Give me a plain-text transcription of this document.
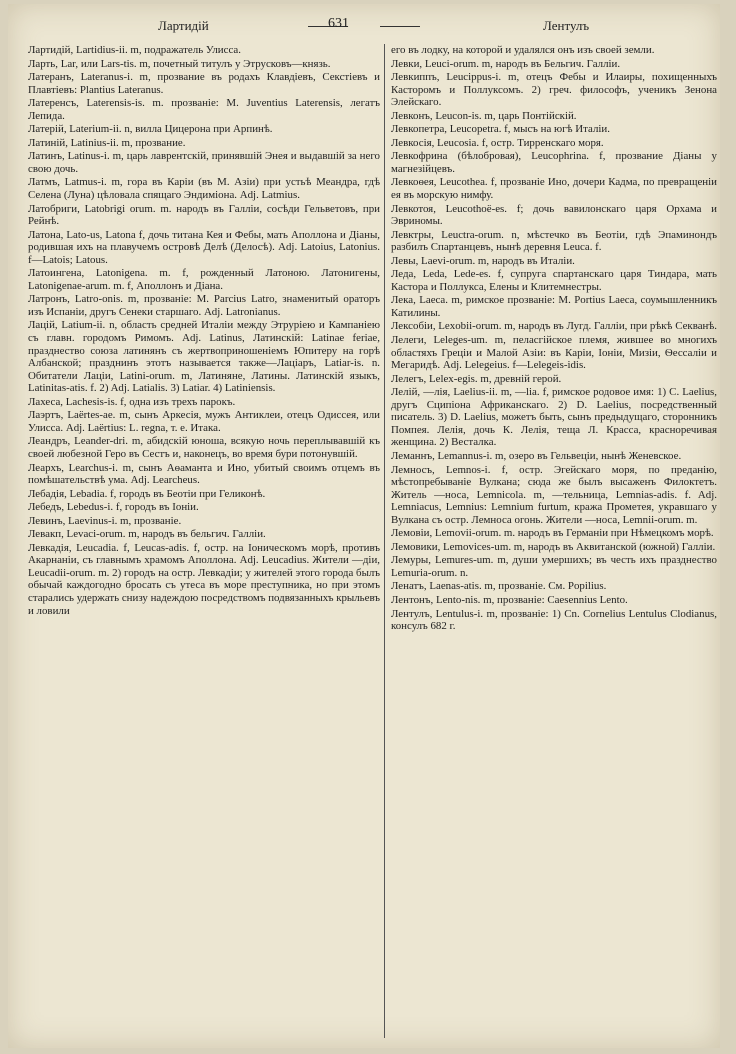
Лартидій	631	Лентулъ

Лартидій, Lartidius-ii. m, подражатель Улисса.

Ларть, Lar, или Lars-tis. m, почетный титулъ у Этрусковъ—князь.

Латеранъ, Lateranus-i. m, прозвание въ родахъ Клавдіевъ, Секстіевъ и Плавтіевъ: Plantius Lateranus.

Латеренсъ, Laterensis-is. m. прозваніе: M. Juventius Laterensis, легатъ Лепида.

Латерій, Laterium-ii. n, вилла Цицерона при Арпинѣ.

Латиній, Latinius-ii. m, прозвание.

Латинъ, Latinus-i. m, царь лаврентскій, принявшій Энея и выдавшій за него свою дочь.

Латмъ, Latmus-i. m, гора въ Каріи (въ М. Азіи) при устьѣ Меандра, гдѣ Селена (Луна) цѣловала спящаго Эндиміона. Adj. Latmius.

Латобриги, Latobrigi orum. m. народъ въ Галліи, сосѣди Гельветовъ, при Рейнѣ.

Латона, Lato-us, Latona f, дочь титана Кея и Фебы, мать Аполлона и Діаны, родившая ихъ на плавучемъ островѣ Делѣ (Делосѣ). Adj. Latoius, Latonius. f—Latois; Latous.

Латоингена, Latonigena. m. f, рожденный Латоною. Латонигены, Latonigenae-arum. m. f, Аполлонъ и Діана.

Латронъ, Latro-onis. m, прозваніе: M. Parcius Latro, знаменитый ораторъ изъ Испаніи, другъ Сенеки старшаго. Adj. Latronianus.

Лацій, Latium-ii. n, область средней Италіи между Этруріею и Кампаніею съ главн. городомъ Римомъ. Adj. Latinus, Латинскій: Latinae feriae, празднество союза латинянъ съ жертвоприношеніемъ Юпитеру на горѣ Албанской; празднинъ этотъ называется также—Лацiаръ, Latiar-is. n. Обитатели Лацiи, Latini-orum. m, Латиняне, Латины. Латинскій языкъ, Latinitas-atis. f. 2) Adj. Latialis. 3) Latiar. 4) Latiniensis.

Лахеса, Lachesis-is. f, одна изъ трехъ парокъ.

Лаэртъ, Laërtes-ae. m, сынъ Аркесія, мужъ Антиклеи, отецъ Одиссея, или Улисса. Adj. Laërtius: L. regna, т. е. Итака.

Леандръ, Leander-dri. m, абидскій юноша, всякую ночь переплывавшій къ своей любезной Геро въ Сестъ и, наконецъ, во время бури потонувшій.

Леархъ, Learchus-i. m, сынъ Аѳаманта и Ино, убитый своимъ отцемъ въ помѣшательствѣ ума. Adj. Learcheus.

Лебадія, Lebadia. f, городъ въ Беотіи при Геликонѣ.

Лебедъ, Lebedus-i. f, городъ въ Іоніи.

Левинъ, Laevinus-i. m, прозваніе.

Левакп, Levaci-orum. m, народъ въ бельгич. Галліи.

Левкадія, Leucadia. f, Leucas-adis. f, остр. на Іоническомъ морѣ, противъ Акарнаніи, съ главнымъ храмомъ Аполлона. Adj. Leucadius. Жители —діи, Leucadii-orum. m. 2) городъ на остр. Левкадіи; у жителей этого города былъ обычай каждогодно бросать съ утеса въ море преступника, но при этомъ старались удержать снизу надеждою посредствомъ подвязанныхъ крыльевъ и ловили

его въ лодку, на которой и удалялся онъ изъ своей земли.

Левки, Leuci-orum. m, народъ въ Бельгич. Галліи.

Левкиппъ, Leucippus-i. m, отецъ Фебы и Илаиры, похищенныхъ Касторомъ и Поллуксомъ. 2) греч. философъ, ученикъ Зенона Элейскаго.

Левконъ, Leucon-is. m, царь Понтійскій.

Левкопетра, Leucopetra. f, мысъ на югѣ Италіи.

Левкосія, Leucosia. f, остр. Тирренскаго моря.

Левкофрина (бѣлобровая), Leucophrina. f, прозвание Діаны у магнезійцевъ.

Левкоѳея, Leucothea. f, прозваніе Ино, дочери Кадма, по превращеніи ея въ морскую нимфу.

Левкотоя, Leucothoë-es. f; дочь вавилонскаго царя Орхама и Эвриномы.

Левктры, Leuctra-orum. n, мѣстечко въ Беотіи, гдѣ Эпаминондъ разбилъ Спартанцевъ, нынѣ деревня Leuca. f.

Левы, Laevi-orum. m, народъ въ Италіи.

Леда, Leda, Lede-es. f, супруга спартанскаго царя Тиндара, мать Кастора и Поллукса, Елены и Клитемнестры.

Лека, Laeca. m, римское прозваніе: M. Portius Laeca, соумышленникъ Катилины.

Лексобіи, Lexobii-orum. m, народъ въ Лугд. Галліи, при рѣкѣ Секванѣ.

Лелеги, Leleges-um. m, пеласгійское племя, жившее во многихъ областяхъ Греціи и Малой Азіи: въ Каріи, Іоніи, Мизіи, Ѳессаліи и Мегаридѣ. Adj. Lelegeius. f—Lelegeis-idis.

Лелегъ, Lelex-egis. m, древній герой.

Лелій, —лія, Laelius-ii. m, —lia. f, римское родовое имя: 1) C. Laelius, другъ Сципіона Африканскаго. 2) D. Laelius, посредственный писатель. 3) D. Laelius, можетъ быть, сынъ предыдущаго, сторонникъ Помпея. Лелія, дочь К. Лелія, теща Л. Красса, красноречивая женщина. 2) Весталка.

Леманнъ, Lemannus-i. m, озеро въ Гельвеціи, нынѣ Женевское.

Лемносъ, Lemnos-i. f, остр. Эгейскаго моря, по преданію, мѣстопребываніе Вулкана; сюда же былъ высаженъ Филоктетъ. Житель —носа, Lemnicola. m, —тельница, Lemnias-adis. f. Adj. Lemniacus, Lemnius: Lemnium furtum, кража Прометея, укравшаго у Вулкана съ остр. Лемноса огонь. Жители —носа, Lemnii-orum. m.

Лемовіи, Lemovii-orum. m. народъ въ Германіи при Нѣмецкомъ морѣ.

Лемовики, Lemovices-um. m, народъ въ Аквитанской (южной) Галліи.

Лемуры, Lemures-um. m, души умершихъ; въ честь ихъ празднество Lemuria-orum. n.

Ленатъ, Laenas-atis. m, прозваніе. См. Popilius.

Лентонъ, Lento-nis. m, прозваніе: Caesennius Lento.

Лентулъ, Lentulus-i. m, прозваніе: 1) Cn. Cornelius Lentulus Clodianus, консулъ 682 г.
